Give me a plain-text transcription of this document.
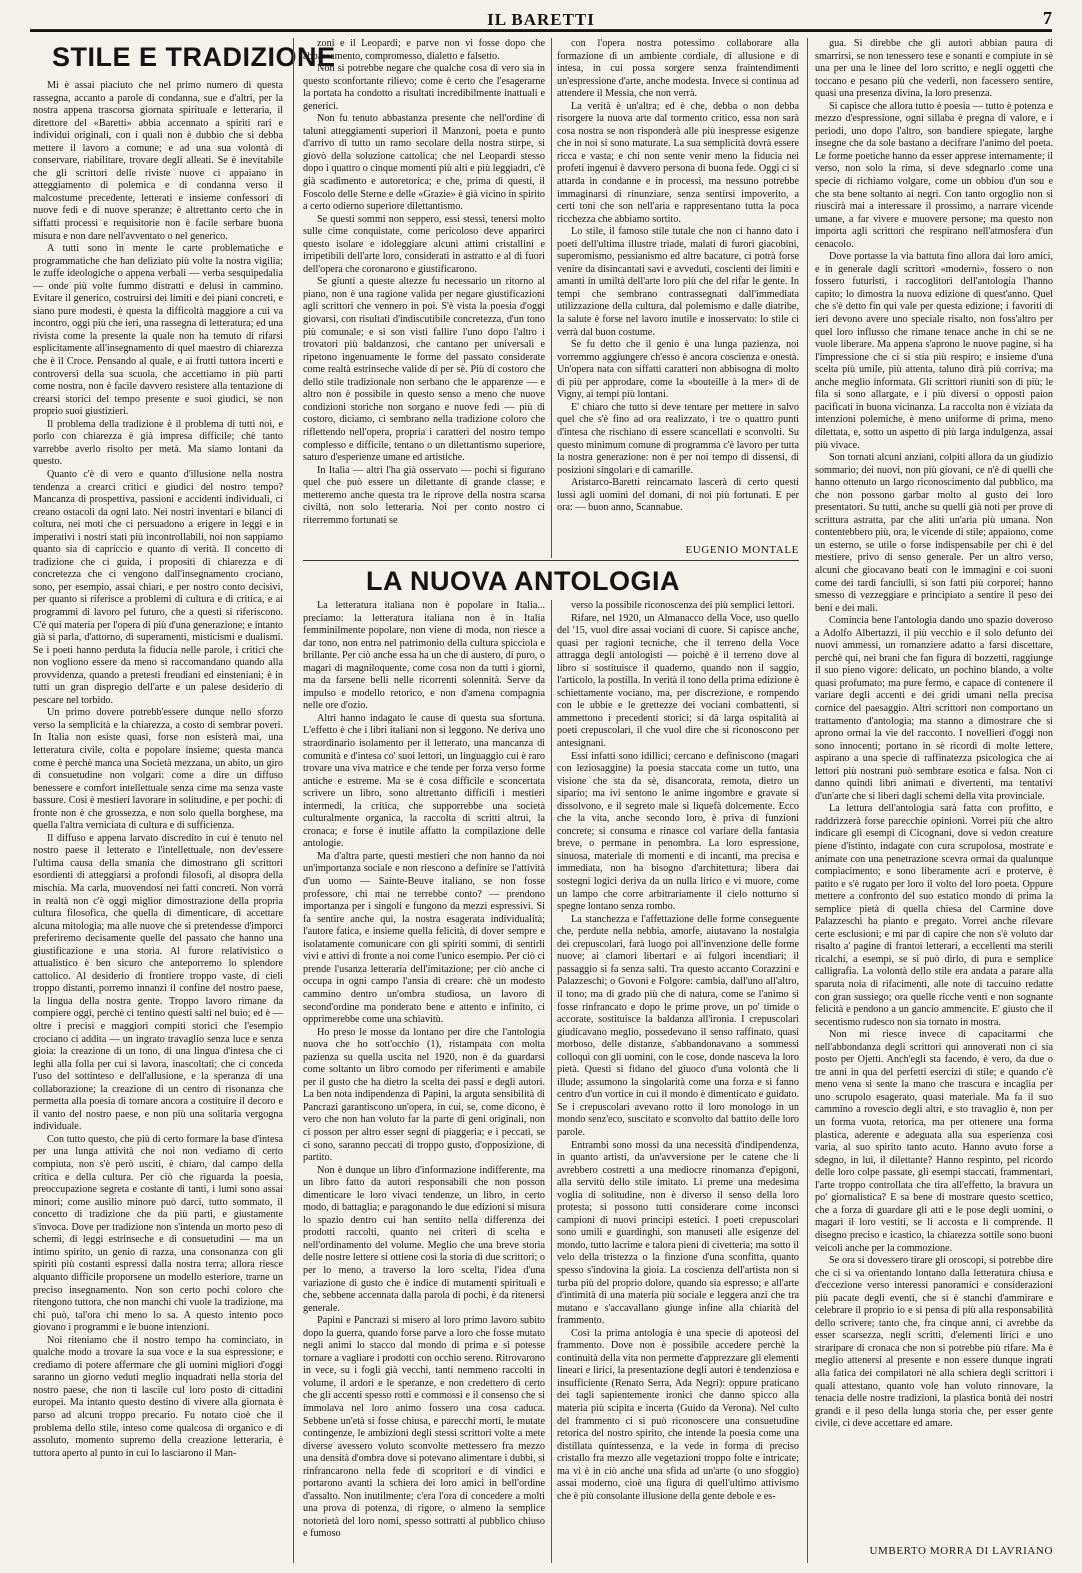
IL BARETTI	7
STILE E TRADIZIONE

Mi è assai piaciuto che nel primo numero di questa rassegna, accanto a parole di condanna, sue e d'altri, per la nostra appena trascorsa giornata spirituale e letteraria, il direttore del «Baretti» abbia accennato a spiriti rari e individui originali, con i quali non è dubbio che si debba mettere il lavoro a comune; e ad una sua volontà di conservare, riabilitare, trovare degli alleati. Se è inevitabile che gli scrittori delle riviste nuove ci appaiano in atteggiamento di polemica e di condanna verso il malcostume precedente, letterati e insieme confessori di nuove fedi e di nuove speranze; è altrettanto certo che in siffatti processi e requisitorie non è facile serbare buona misura e non dare nell'avventato o nel generico.

A tutti sono in mente le carte problematiche e programmatiche che han deliziato più volte la nostra vigilia; le zuffe ideologiche o appena verbali — verba sesquipedalia — onde più volte fummo distratti e delusi in cammino. Evitare il generico, costruirsi dei limiti e dei piani concreti, e siano pure modesti, è questa la difficoltà maggiore a cui va incontro, oggi più che ieri, una rassegna di letteratura; ed una rivista come la presente la quale non ha temuto di rifarsi esplicitamente all'insegnamento di quel maestro di chiarezza che è il Croce. Pensando al quale, e ai frutti tuttora incerti e controversi della sua scuola, che accettiamo in più parti come nostra, non è facile davvero resistere alla tentazione di crearsi storici del tempo presente e suoi giudici, se non proprio suoi giustizieri.

Il problema della tradizione è il problema di tutti noi, e porlo con chiarezza è già impresa difficile; chè tanto varrebbe averlo risolto per metà. Ma siamo lontani da questo.

Quanto c'è di vero e quanto d'illusione nella nostra tendenza a crearci critici e giudici del nostro tempo? Mancanza di prospettiva, passioni e accidenti individuali, ci creano ostacoli da ogni lato. Nei nostri inventari e bilanci di coltura, nei moti che ci persuadono a erigere in leggi e in imperativi i nostri stati più incontrollabili, noi non sappiamo quanto sia di capriccio e quanto di verità. Il concetto di tradizione che ci guida, i propositi di chiarezza e di concretezza che ci vengono dall'insegnamento crociano, sono, per esempio, assai chiari, e per nostro conto decisivi, per quanto si riferisce a problemi di cultura e di critica, e ai programmi di lavoro pel futuro, che a questi si riferiscono. C'è qui materia per l'opera di più d'una generazione; e intanto già si parla, d'attorno, di superamenti, misticismi e dualismi. Se i poeti hanno perduta la fiducia nelle parole, i critici che non vogliono essere da meno si raccomandano quando alla provvidenza, quando a pretesti freudiani ed einsteniani; è in tutti un gran dispregio dell'arte e un palese desiderio di pescare nel torbido.

Un primo dovere potrebb'essere dunque nello sforzo verso la semplicità e la chiarezza, a costo di sembrar poveri. In Italia non esiste quasi, forse non esisterà mai, una letteratura civile, colta e popolare insieme; questa manca come è perchè manca una Società mezzana, un abito, un giro di consuetudine non volgari: come a dire un diffuso benessere e comfort intellettuale senza cime ma senza vaste bassure. Così è mestieri lavorare in solitudine, e per pochi: di fronte non è che grossezza, e non solo quella borghese, ma quella l'altra verniciata di cultura e di sufficienza.

Il diffuso e appena larvato discredito in cui è tenuto nel nostro paese il letterato e l'intellettuale, non dev'essere l'ultima causa della smania che dimostrano gli scrittori esordienti di atteggiarsi a profondi filosofi, al disopra della mischia. Ma carla, muovendosi nei fatti concreti. Non vorrà in realtà non c'è oggi miglior dimostrazione della propria cultura filosofica, che quella di dimenticare, di accettare alcuna mitologia; ma alle nuove che si pretendesse d'imporci preferiremo decisamente quelle del passato che hanno una giustificazione e una storia. Al furore relativistico o attualistico è ben sicuro che anteporremo lo splendore cattolico. Al desiderio di frontiere troppo vaste, di cieli troppo distanti, porremo innanzi il confine del nostro paese, la lingua della nostra gente. Troppo lavoro rimane da compiere oggi, perchè ci tentino questi salti nel buio; ed è — oltre i precisi e maggiori compiti storici che l'esempio crociano ci addita — un ingrato travaglio senza luce e senza gioia: la creazione di un tono, di una lingua d'intesa che ci leghi alla folla per cui si lavora, inascoltati; che ci conceda l'uso del sottinteso e dell'allusione, e la speranza di una collaborazione; la creazione di un centro di risonanza che permetta alla poesia di tornare ancora a costituire il decoro e il vanto del nostro paese, e non più una solitaria vergogna individuale.

Con tutto questo, che più di certo formare la base d'intesa per una lunga attività che noi non vediamo di certo compiuta, non s'è però usciti, è chiaro, dal campo della critica e della cultura. Per ciò che riguarda la poesia, preoccupazione segreta e costante di tanti, i lumi sono assai minori; come ausilio minore può darci, tutto sommato, il concetto di tradizione che da più parti, e giustamente s'invoca. Dove per tradizione non s'intenda un morto peso di schemi, di leggi estrinseche e di consuetudini — ma un intimo spirito, un genio di razza, una consonanza con gli spiriti più costanti espressi dalla nostra terra; allora riesce alquanto difficile proporsene un modello esteriore, trarne un preciso insegnamento. Non son certo pochi coloro che ritengono tuttora, che non manchi chi vuole la tradizione, ma chi può, tal'ora chi meno lo sa. A questo intento poco giovano i programmi e le buone intenzioni.

Noi riteniamo che il nostro tempo ha cominciato, in qualche modo a trovare la sua voce e la sua espressione; e crediamo di potere affermare che gli uomini migliori d'oggi saranno un giorno veduti meglio inquadrati nella storia del nostro paese, che non ti lascile cul loro posto di cittadini europei. Ma intanto questo destino di vivere alla giornata è parso ad alcuni troppo precario. Fu notato cioè che il problema dello stile, inteso come qualcosa di organico e di assoluto, momento supremo della creazione letteraria, è tuttora aperto al punto in cui lo lasciarono il Man-

zoni e il Leopardi; e parve non vi fosse dopo che abbassamento, compromesso, dialetto e falsetto.

Non si potrebbe negare che qualche cosa di vero sia in questo sconfortante rilievo; come è certo che l'esagerarne la portata ha condotto a risultati incredibilmente inattuali e generici.

Non fu tenuto abbastanza presente che nell'ordine di taluni atteggiamenti superiori il Manzoni, poeta e punto d'arrivo di tutto un ramo secolare della nostra stirpe, si giovò della soluzione cattolica; che nel Leopardi stesso dopo i quattro o cinque momenti più alti e più leggiadri, c'è già scadimento e autoretorica; e che, prima di questi, il Foscolo delle Sterne e delle «Grazie» è già vicino in spirito a certo odierno superiore dilettantismo.

Se questi sommi non seppero, essi stessi, tenersi molto sulle cime conquistate, come pericoloso deve apparirci questo isolare e idoleggiare alcuni attimi cristallini e irripetibili dell'arte loro, considerati in astratto e al di fuori dell'opera che coronarono e giustificarono.

Se giunti a queste altezze fu necessario un ritorno al piano, non è una ragione valida per negare giustificazioni agli scrittori che vennero in poi. S'è vista la poesia d'oggi giovarsi, con risultati d'indiscutibile concretezza, d'un tono più comunale; e si son visti fallire l'uno dopo l'altro i trovatori più baldanzosi, che cantano per universali e ripetono ingenuamente le forme del passato considerate come realtà estrinseche valide di per sè. Più di costoro che dello stile tradizionale non serbano che le apparenze — e altro non è possibile in questo senso a meno che nuove condizioni storiche non sorgano e nuove fedi — più di costoro, diciamo, ci sembrano nella tradizione coloro che riflettendo nell'opera, propria i caratteri del nostro tempo complesso e difficile, tentano o un dilettantismo superiore, saturo d'esperienze umane ed artistiche.

In Italia — altri l'ha già osservato — pochi si figurano quel che può essere un dilettante di grande classe; e metteremo anche questa tra le riprove della nostra scarsa civiltà, non solo letteraria. Noi per conto nostro ci riterremmo fortunati se

con l'opera nostra potessimo collaborare alla formazione di un ambiente cordiale, di allusione e di intesa, in cui possa sorgere senza fraintendimenti un'espressione d'arte, anche modesta. Invece si continua ad attendere il Messia, che non verrà.

La verità è un'altra; ed è che, debba o non debba risorgere la nuova arte dal tormento critico, essa non sarà cosa nostra se non risponderà alle più inespresse esigenze che in noi si sono maturate. La sua semplicità dovrà essere ricca e vasta; e chi non sente venir meno la fiducia nei profeti ingenui è davvero persona di buona fede. Oggi ci si attarda in condanne e in processi, ma nessuno potrebbe immaginarsi di rinunziare, senza sentirsi impoverito, a certi toni che son nell'aria e rappresentano tutta la poca ricchezza che abbiamo sortito.

Lo stile, il famoso stile tutale che non ci hanno dato i poeti dell'ultima illustre triade, malati di furori giacobini, superomismo, pessianismo ed altre bacature, ci potrà forse venire da disincantati savi e avveduti, coscienti dei limiti e amanti in umiltà dell'arte loro più che del rifar le gente. In tempi che sembrano contrassegnati dall'immediata utilizzazione della cultura, dal polemismo e dalle diatribe, la salute è forse nel lavoro inutile e inosservato: lo stile ci verrà dal buon costume.

Se fu detto che il genio è una lunga pazienza, noi vorremmo aggiungere ch'esso è ancora coscienza e onestà. Un'opera nata con siffatti caratteri non abbisogna di molto di più per approdare, come la «bouteille à la mer» di de Vigny, ai tempi più lontani.

E' chiaro che tutto si deve tentare per mettere in salvo quel che s'è fino ad ora realizzato, i tre o quattro punti d'intesa che rischiano di essere scancellati e sconvolti. Su questo minimum comune di programma c'è lavoro per tutta la nostra generazione: non è per noi tempo di dissensi, di posizioni singolari e di camarille.

Aristarco-Baretti reincarnato lascerà di certo questi lussi agli uomini del domani, di noi più fortunati. E per ora: — buon anno, Scannabue.

EUGENIO MONTALE

gua. Si direbbe che gli autori abbian paura di smarrirsi, se non tenessero tese e sonanti e compiute in sè una per una le linee del loro scritto, e negli oggetti che toccano e pesano più che vederli, non facessero sentire, quasi una presenza divina, la loro presenza.

Si capisce che allora tutto è poesia — tutto è potenza e mezzo d'espressione, ogni sillaba è pregna di valore, e i periodi, uno dopo l'altro, son bandiere spiegate, larghe insegne che da sole bastano a decifrare l'animo del poeta. Le forme poetiche hanno da esser apprese internamente; il verso, non solo la rima, si deve sdegnarlo come una specie di richiamo volgare, come un obbiou d'un sou e che sta bene soltanto ai negri. Con tanto orgoglio non si riuscirà mai a interessare il prossimo, a narrare vicende umane, a far vivere e muovere persone; ma questo non importa agli scrittori che respirano nell'atmosfera d'un cenacolo.

Dove portasse la via battuta fino allora dai loro amici, e in generale dagli scrittori «moderni», fossero o non fossero futuristi, i raccoglitori dell'antologia l'hanno capito; lo dimostra la nuova edizione di quest'anno. Quel che s'è detto fin qui vale per questa edizione; i favoriti di ieri devono avere uno speciale risalto, non foss'altro per quel loro influsso che rimane tenace anche in chi se ne vuole liberare. Ma appena s'aprono le nuove pagine, si ha l'impressione che ci si stia più respiro; e insieme d'una scelta più umile, più attenta, taluno dirà più corriva; ma anche meglio informata. Gli scrittori riuniti son di più; le fila si sono allargate, e i più diversi o opposti paion pacificati in buona vicinanza. La raccolta non è viziata da intenzioni polemiche, è meno uniforme di prima, meno dilettata, e, sotto un aspetto di più larga indulgenza, assai più vivace.

Son tornati alcuni anziani, colpiti allora da un giudizio sommario; dei nuovi, non più giovani, ce n'è di quelli che hanno ottenuto un largo riconoscimento dal pubblico, ma che non possono garbar molto al gusto dei loro presentatori. Su tutti, anche su quelli già noti per prove di scrittura astratta, par che aliti un'aria più umana. Non contentebbero più, ora, le vicende di stile; appaiono, come un esterno, se utile o forse indispensabile per chi è del mestiere, privo di senso generale. Per un altro verso, alcuni che giocavano beati con le immagini e coi suoni come dei tardi fanciulli, si son fatti più corporei; hanno smesso di vezzeggiare e principiato a sentire il peso dei beni e dei mali.

Comincia bene l'antologia dando uno spazio doveroso a Adolfo Albertazzi, il più vecchio e il solo defunto dei nuovi ammessi, un romanziere adatto a farsi discettare, perchè qui, nei brani che fan figura di bozzetti, raggiunge il suo pieno vigore: delicato, un pochino blando, a volte quasi profumato; ma pure fermo, e capace di contenere il variare degli accenti e dei gridi umani nella precisa cornice del paesaggio. Altri scrittori non comportano un trattamento d'antologia; ma stanno a dimostrare che si aprono ormai la vie del racconto. I novellieri d'oggi non sono innocenti; portano in sè ricordi di molte lettere, aspirano a una specie di raffinatezza psicologica che ai lettori più nostrani può sembrare esotica e falsa. Non ci danno quindi libri animati e divertenti, ma tentativi d'un'arte che si liberi dagli schemi della vita provinciale.

La lettura dell'antologia sarà fatta con profitto, e raddrizzerà forse parecchie opinioni. Vorrei più che altro indicare gli esempi di Cicognani, dove si vedon creature piene d'istinto, indagate con cura scrupolosa, mostrate e animate con una penetrazione scevra ormai da qualunque compiacimento; e sono liberamente acri e proterve, è patito e s'è rugato per loro il volto del loro poeta. Oppure mettere a confronto del suo estatico mondo di prima la semplice pietà di quella chiesa del Carmine dove Palazzeschi ha pianto e pregato. Vorrei anche rilevare certe esclusioni; e mi par di capire che non s'è voluto dar risalto a' pagine di frantoi letterari, a eccellenti ma sterili ricalchi, a esempi, se si può dirlo, di pura e semplice calligrafia. La volontà dello stile era andata a parare alla sparuta noia di rifacimenti, alle note di taccuino redatte con gran sussiego; ora quelle ricche venti e non sognante felicità e pendono a un gancio ammencite. E' giusto che il secentismo rudesco non sia tornato in mostra.

Non mi riesce invece di capacitarmi che nell'abbondanza degli scrittori qui annoverati non ci sia posto per Ojetti. Anch'egli sta facendo, è vero, da due o tre anni in qua del perfetti esercizi di stile; e quando c'è meno vena si sente la mano che trascura e incaglia per uno scrupolo esagerato, quasi materiale. Ma fa il suo cammino a rovescio degli altri, e sto travaglio è, non per un forma vuota, retorica, ma per ottenere una forma plastica, aderente e adeguata alla sua esperienza così varia, al suo spirito tanto acuto. Hanno avuto forse a sdegno, in lui, il dilettante? Hanno respinto, pel ricordo delle loro colpe passate, gli esempi staccati, frammentari, l'arte troppo controllata che tira all'effetto, la bravura un po' giornalistica? E sa bene di mostrare questo scettico, che a forza di guardare gli atti e le pose degli uomini, o magari il loro vestiti, se li accosta e li comprende. Il disegno preciso e icastico, la chiarezza sottile sono buoni veicoli anche per la commozione.

Se ora si dovessero tirare gli oroscopi, si potrebbe dire che ci si va orientando lontano dalla letteratura chiusa e d'eccezione verso interessi panoramici e considerazioni più pacate degli eventi, che si è stanchi d'ammirare e celebrare il proprio io e si pensa di più alla responsabilità dello scrivere; tanto che, fra cinque anni, ci avrebbe da esser scarsezza, negli scritti, d'elementi lirici e uno straripare di cronaca che non si potrebbe più rifare. Ma è meglio attenersi al presente e non essere dunque ingrati alla fatica dei compilatori nè alla schiera degli scrittori i quali attestano, quanto vole han voluto rinnovare, la tenacia delle nostre tradizioni, la plastica bontà dei nostri grandi e il peso della lunga storia che, per esser gente civile, ci deve accettare ed amare.

UMBERTO MORRA DI LAVRIANO
LA NUOVA ANTOLOGIA

La letteratura italiana non è popolare in Italia... preciamo: la letteratura italiana non è in Italia femminilmente popolare, non viene di moda, non riesce a dar tono, non entra nel patrimonio della cultura spicciola e brillante. Per ciò anche essa ha un che di austero, di puro, o magari di magniloquente, come cosa non da tutti i giorni, ma da farsene belli nelle ricorrenti solennità. Serve da impulso e modello retorico, e non d'amena compagnia nelle ore d'ozio.

Altri hanno indagato le cause di questa sua sfortuna. L'effetto è che i libri italiani non si leggono. Ne deriva uno straordinario isolamento per il letterato, una mancanza di comunità e d'intesa co' suoi lettori, un linguaggio cui è raro trovare una viva matrice e che tende per forza verso forme antiche e estreme. Ma se è cosa difficile e sconcertata scrivere un libro, sono altrettanto difficili i mestieri intermedi, la critica, che supporrebbe una società culturalmente organica, la raccolta di scritti altrui, la cronaca; e forse è inutile affatto la compilazione delle antologie.

Ma d'altra parte, questi mestieri che non hanno da noi un'importanza sociale e non riescono a definire se l'attività d'un uomo — Sainte-Beuve italiano, se non fosse professore, chi mai ne terrebbe conto? — prendono importanza per i singoli e fungono da mezzi espressivi. Si fa sentire anche qui, la nostra esagerata individualità; l'autore fatica, e insieme quella felicità, di dover sempre e isolatamente comunicare con gli spiriti sommi, di sentirli vivi e attivi di fronte a noi come l'unico esempio. Per ciò ci prende l'usanza letteraria dell'imitazione; per ciò anche ci occupa in ogni campo l'ansia di creare: chè un modesto cammino dentro un'ombra studiosa, un lavoro di second'ordine ma ponderato bene e attento e infinito, ci opprimerebbe come una schiavitù.

Ho preso le mosse da lontano per dire che l'antologia nuova che ho sott'occhio (1), ristampata con molta pazienza su quella uscita nel 1920, non è da guardarsi come soltanto un libro comodo per riferimenti e amabile per il gusto che ha dietro la scelta dei passi e degli autori. La ben nota indipendenza di Papini, la arguta sensibilità di Pancrazi garantiscono un'opera, in cui, se, come dicono, è vero che non han voluto far la parte di geni originali, non ci posson per altro esser segni di piaggeria; e i peccati, se ci sono, saranno peccati di troppo gusto, d'opposizione, di partito.

Non è dunque un libro d'informazione indifferente, ma un libro fatto da autori responsabili che non posson dimenticare le loro vivaci tendenze, un libro, in certo modo, di battaglia; e paragonando le due edizioni si misura lo spazio dentro cui han sentito nella differenza dei prodotti raccolti, quanto nei criteri di scelta e nell'ordinamento del volume. Meglio che una breve storia delle nostre lettere si ottiene così la storia di due scrittori; o per lo meno, a traverso la loro scelta, l'idea d'una variazione di gusto che è indice di mutamenti spirituali e che, sebbene accennata dalla parola di pochi, è da ritenersi generale.

Papini e Pancrazi si misero al loro primo lavoro subito dopo la guerra, quando forse parve a loro che fosse mutato negli animi lo stacco dal mondo di prima e si potesse tornare a vagliare i prodotti con occhio sereno. Ritrovarono in vece, su i fogli già vecchi, tanti nemmeno raccolti in volume, il ardori e le speranze, e non credettero di certo che gli accenti spesso rotti e commossi e il consenso che si immolava nel loro animo fossero una cosa caduca. Sebbene un'età si fosse chiusa, e parecchi morti, le mutate contingenze, le ambizioni degli stessi scrittori volte a mete diverse avessero voluto sconvolte mettessero fra mezzo una densità d'ombra dove si potevano alimentare i dubbi, si rinfrancarono nella fede di scopritori e di vindici e portarono avanti la schiera dei loro amici in bell'ordine d'assalto. Non inutilmente; c'era l'ora di concedere a molti una prova di potenza, di rigore, o almeno la semplice notorietà del loro nomi, spesso sottratti al pubblico chiuso e fumoso

verso la possibile riconoscenza dei più semplici lettori.

Rifare, nel 1920, un Almanacco della Voce, uso quello del '15, vuol dire assai vociani di cuore. Si capisce anche, quasi per ragioni tecniche, che il terreno della Voce attragga degli antologisti — poichè è il terreno dove al libro si sostituisce il quaderno, quando non il saggio, l'articolo, la postilla. In verità il tono della prima edizione è schiettamente vociano, ma, per discrezione, e rompendo con le ubbie e le grettezze dei vociani combattenti, si ammettono i precedenti storici; si dà larga ospitalità ai poeti crepuscolari, il che vuol dire che si riconoscono per antesignani.

Essi infatti sono idillici; cercano e definiscono (magari con leziosaggine) la poesia staccata come un tutto, una visione che sta da sè, disancorata, remota, dietro un sipario; ma ivi sentono le anime ingombre e gravate si dissolvono, e il segreto male si liquefà dolcemente. Ecco che la vita, anche secondo loro, è priva di funzioni concrete; si consuma e rinasce col variare della fantasia breve, o permane in penombra. La loro espressione, sinuosa, materiale di momenti e di incanti, ma precisa e immediata, non ha bisogno d'architettura; libera dai sostegni logici deriva da un nulla lirico e vi muore, come un lampo che corre arbitrariamente il cielo notturno si spegne lontano senza rombo.

La stanchezza e l'affettazione delle forme conseguente che, perdute nella nebbia, amorfe, aiutavano la nostalgia dei crepuscolari, farà luogo poi all'invenzione delle forme nuove; ai clamori libertari e ai fulgori incendiari; il passaggio si fa senza salti. Tra questo accanto Corazzini e Palazzeschi; o Govoni e Folgore: cambia, dall'uno all'altro, il tono; ma di grado più che di natura, come se l'animo si fosse rinfrancato e dopo le prime prove, un po' timide o accorate, sostituisce la baldanza all'ironia. I crepuscolari giudicavano meglio, possedevano il senso raffinato, quasi morboso, delle distanze, s'abbandonavano a sommessi colloqui con gli uomini, con le cose, donde nasceva la loro pietà. Questi si fidano del giuoco d'una volontà che li illude; assumono la singolarità come una forza e si fanno centro d'un vortice in cui il mondo è dimenticato e guidato. Se i crepuscolari avevano rotto il loro monologo in un mondo senz'eco, suscitato e sconvolto dal battito delle loro parole.

Entrambi sono mossi da una necessità d'indipendenza, in quanto artisti, da un'avversione per le catene che li avrebbero costretti a una mediocre rinomanza d'epigoni, alla servitù dello stile imitato. Li preme una medesima voglia di solitudine, non è diverso il senso della loro protesta; si possono tutti considerare come inconsci campioni di nuovi principi estetici. I poeti crepuscolari sono umili e guardinghi, son manuseti alle esigenze del mondo, tutto lacrime e talora pieni di civetteria; ma sotto il velo della tristezza o la finzione d'una sconfitta, quanto spesso s'indovina la gioia. La coscienza dell'artista non si turba più del proprio dolore, quando sia espresso; e all'arte d'intimità di una materia più sociale e leggera anzi che tra mutano e s'accavallano giunge infine alla chiarità del frammento.

Così la prima antologia è una specie di apoteosi del frammento. Dove non è possibile accedere perchè la continuità della vita non permette d'apprezzare gli elementi lineari e lirici, la presentazione degli autori è tendenziosa e insufficiente (Renato Serra, Ada Negri): oppure praticano dei tagli sapientemente ironici che danno spicco alla materia più scipita e incerta (Guido da Verona). Nel culto del frammento ci si può riconoscere una consuetudine retorica del nostro spirito, che intende la poesia come una distillata quintessenza, e la vede in forma di preciso cristallo fra mezzo alle vegetazioni troppo folte e intricate; ma vi è in ciò anche una sfida ad un'arte (o uno sfoggio) assai moderno, cioè una figura di quell'ultimo attivismo che è più consolante illusione della gente debole e es-
